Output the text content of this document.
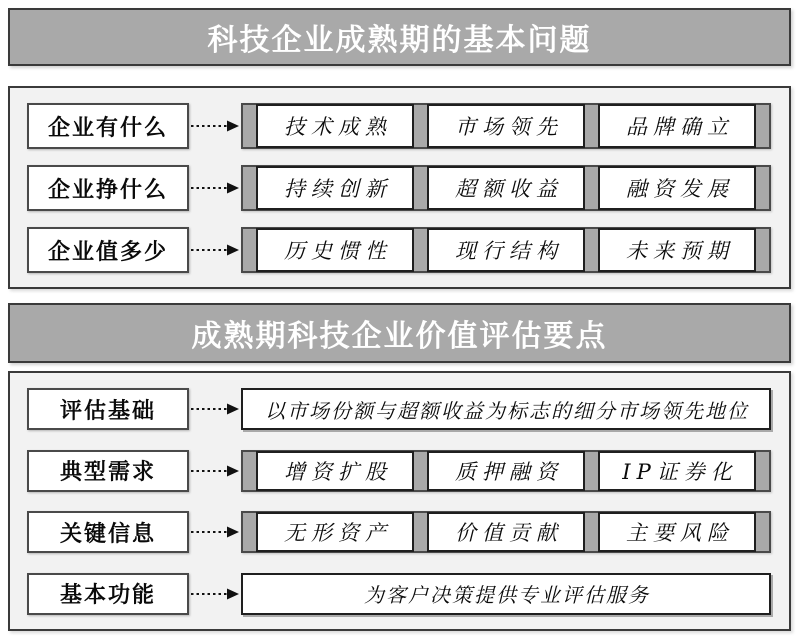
科技企业成熟期的基本问题
企业有什么	技术成熟	市场领先	品牌确立
企业挣什么	持续创新	超额收益	融资发展
企业值多少	历史惯性	现行结构	未来预期
成熟期科技企业价值评估要点
评估基础	以市场份额与超额收益为标志的细分市场领先地位
典型需求	增资扩股	质押融资	IP证券化
关键信息	无形资产	价值贡献	主要风险
基本功能	为客户决策提供专业评估服务
